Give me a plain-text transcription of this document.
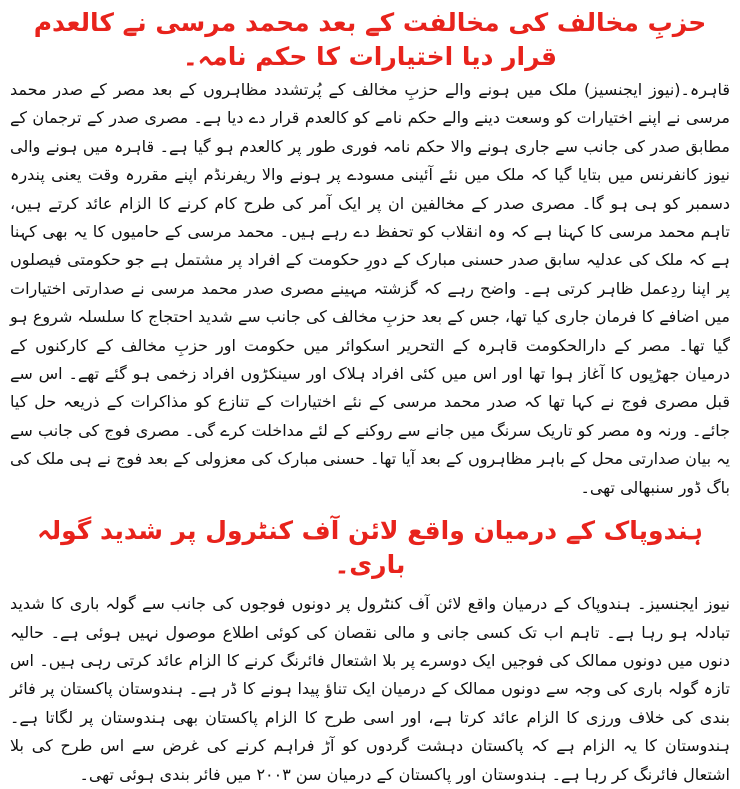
حزبِ مخالف کی مخالفت کے بعد محمد مرسی نے کالعدم قرار دیا اختیارات کا حکم نامہ۔

قاہرہ۔(نیوز ایجنسیز) ملک میں ہونے والے حزبِ مخالف کے پُرتشدد مظاہروں کے بعد مصر کے صدر محمد مرسی نے اپنے اختیارات کو وسعت دینے والے حکم نامے کو کالعدم قرار دے دیا ہے۔ مصری صدر کے ترجمان کے مطابق صدر کی جانب سے جاری ہونے والا حکم نامہ فوری طور پر کالعدم ہو گیا ہے۔ قاہرہ میں ہونے والی نیوز کانفرنس میں بتایا گیا کہ ملک میں نئے آئینی مسودے پر ہونے والا ریفرنڈم اپنے مقررہ وقت یعنی پندرہ دسمبر کو ہی ہو گا۔ مصری صدر کے مخالفین ان پر ایک آمر کی طرح کام کرنے کا الزام عائد کرتے ہیں، تاہم محمد مرسی کا کہنا ہے کہ وہ انقلاب کو تحفظ دے رہے ہیں۔ محمد مرسی کے حامیوں کا یہ بھی کہنا ہے کہ ملک کی عدلیہ سابق صدر حسنی مبارک کے دورِ حکومت کے افراد پر مشتمل ہے جو حکومتی فیصلوں پر اپنا ردِعمل ظاہر کرتی ہے۔ واضح رہے کہ گزشتہ مہینے مصری صدر محمد مرسی نے صدارتی اختیارات میں اضافے کا فرمان جاری کیا تھا، جس کے بعد حزبِ مخالف کی جانب سے شدید احتجاج کا سلسلہ شروع ہو گیا تھا۔ مصر کے دارالحکومت قاہرہ کے التحریر اسکوائر میں حکومت اور حزبِ مخالف کے کارکنوں کے درمیان جھڑپوں کا آغاز ہوا تھا اور اس میں کئی افراد ہلاک اور سینکڑوں افراد زخمی ہو گئے تھے۔ اس سے قبل مصری فوج نے کہا تھا کہ صدر محمد مرسی کے نئے اختیارات کے تنازع کو مذاکرات کے ذریعہ حل کیا جائے۔ ورنہ وہ مصر کو تاریک سرنگ میں جانے سے روکنے کے لئے مداخلت کرے گی۔ مصری فوج کی جانب سے یہ بیان صدارتی محل کے باہر مظاہروں کے بعد آیا تھا۔ حسنی مبارک کی معزولی کے بعد فوج نے ہی ملک کی باگ ڈور سنبھالی تھی۔

ہندوپاک کے درمیان واقع لائن آف کنٹرول پر شدید گولہ باری۔

نیوز ایجنسیز۔ ہندوپاک کے درمیان واقع لائن آف کنٹرول پر دونوں فوجوں کی جانب سے گولہ باری کا شدید تبادلہ ہو رہا ہے۔ تاہم اب تک کسی جانی و مالی نقصان کی کوئی اطلاع موصول نہیں ہوئی ہے۔ حالیہ دنوں میں دونوں ممالک کی فوجیں ایک دوسرے پر بلا اشتعال فائرنگ کرنے کا الزام عائد کرتی رہی ہیں۔ اس تازہ گولہ باری کی وجہ سے دونوں ممالک کے درمیان ایک تناؤ پیدا ہونے کا ڈر ہے۔ ہندوستان پاکستان پر فائر بندی کی خلاف ورزی کا الزام عائد کرتا ہے، اور اسی طرح کا الزام پاکستان بھی ہندوستان پر لگاتا ہے۔ ہندوستان کا یہ الزام ہے کہ پاکستان دہشت گردوں کو آڑ فراہم کرنے کی غرض سے اس طرح کی بلا اشتعال فائرنگ کر رہا ہے۔ ہندوستان اور پاکستان کے درمیان سن ۲۰۰۳ میں فائر بندی ہوئی تھی۔
